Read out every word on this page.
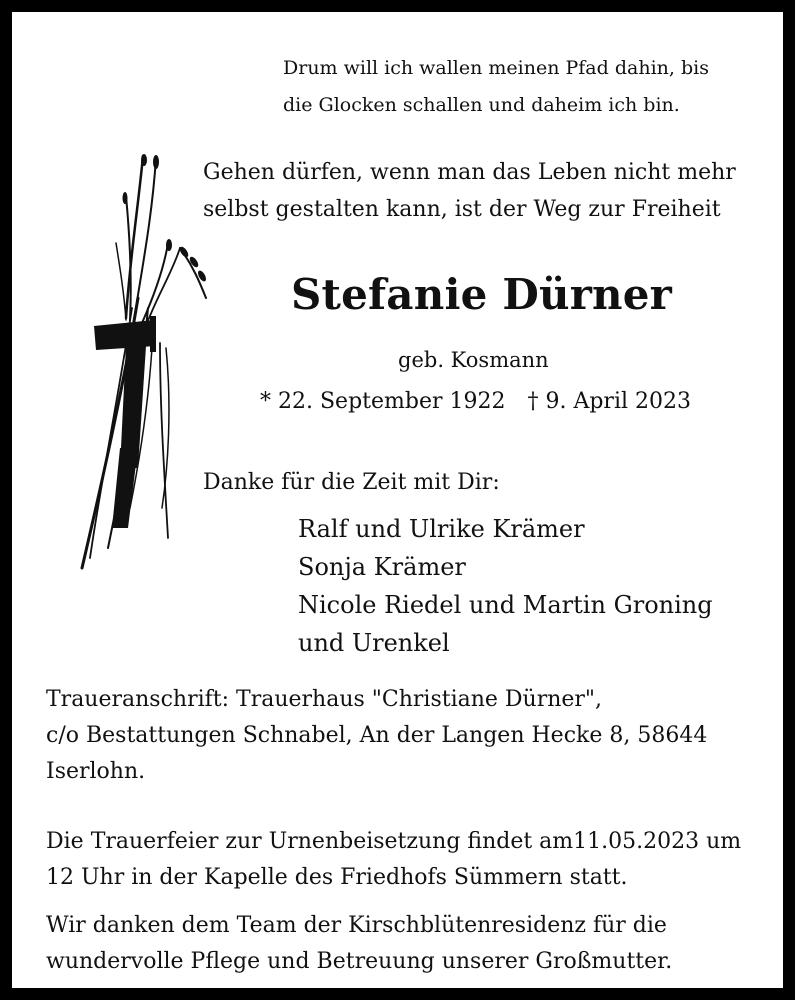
Drum will ich wallen meinen Pfad dahin, bis

die Glocken schallen und daheim ich bin.

Gehen dürfen, wenn man das Leben nicht mehr

selbst gestalten kann, ist der Weg zur Freiheit

Stefanie Dürner

geb. Kosmann

* 22. September 1922 † 9. April 2023

Danke für die Zeit mit Dir:

Ralf und Ulrike Krämer

Sonja Krämer

Nicole Riedel und Martin Groning

und Urenkel

Traueranschrift: Trauerhaus "Christiane Dürner",

c/o Bestattungen Schnabel, An der Langen Hecke 8, 58644

Iserlohn.

Die Trauerfeier zur Urnenbeisetzung findet am11.05.2023 um

12 Uhr in der Kapelle des Friedhofs Sümmern statt.

Wir danken dem Team der Kirschblütenresidenz für die

wundervolle Pflege und Betreuung unserer Großmutter.
